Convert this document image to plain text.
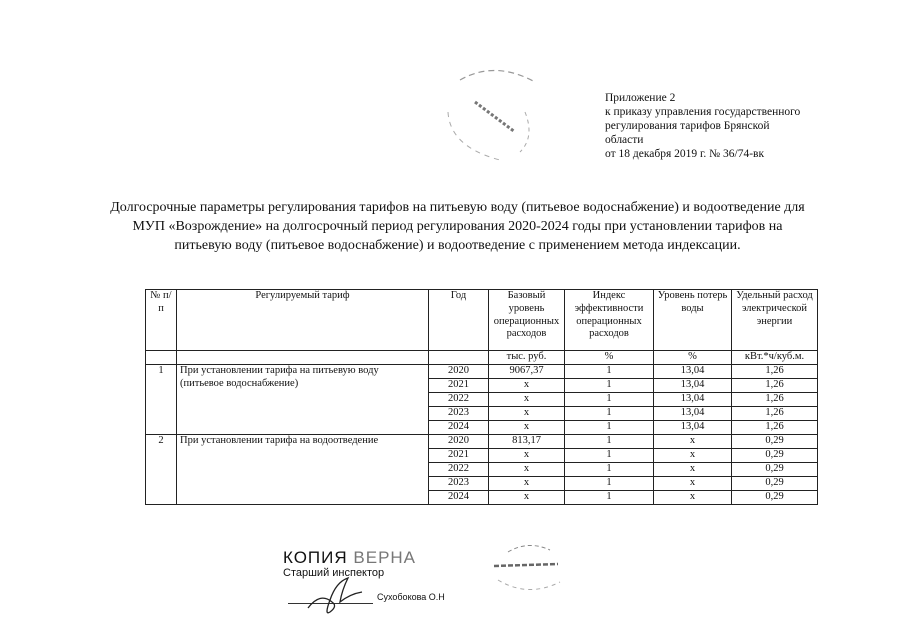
Приложение 2
к приказу управления государственного
регулирования тарифов Брянской
области
от 18 декабря 2019 г. № 36/74-вк
Долгосрочные параметры регулирования тарифов на питьевую воду (питьевое водоснабжение) и водоотведение для
МУП «Возрождение» на долгосрочный период регулирования 2020-2024 годы при установлении тарифов на
питьевую воду (питьевое водоснабжение) и водоотведение с применением метода индексации.
№ п/п	Регулируемый тариф	Год	Базовый уровень операционных расходов	Индекс эффективности операционных расходов	Уровень потерь воды	Удельный расход электрической энергии
			тыс. руб.	%	%	кВт.*ч/куб.м.
1	При установлении тарифа на питьевую воду (питьевое водоснабжение)	2020	9067,37	1	13,04	1,26
		2021	x	1	13,04	1,26
		2022	x	1	13,04	1,26
		2023	x	1	13,04	1,26
		2024	x	1	13,04	1,26
2	При установлении тарифа на водоотведение	2020	813,17	1	x	0,29
		2021	x	1	x	0,29
		2022	x	1	x	0,29
		2023	x	1	x	0,29
		2024	x	1	x	0,29
КОПИЯ ВЕРНА
Старший инспектор
Сухобокова О.Н
